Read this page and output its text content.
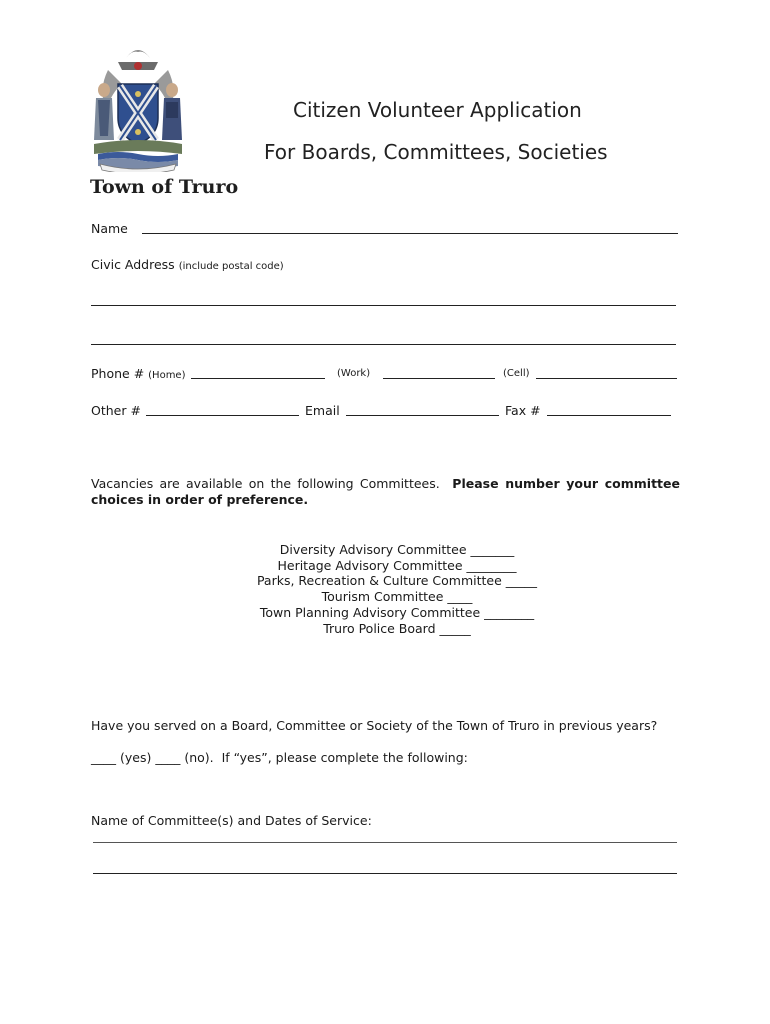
Citizen Volunteer Application
For Boards, Committees, Societies
Town of Truro
Name
Civic Address (include postal code)
Phone # (Home)	(Work)	(Cell)
Other #	Email	Fax #
Vacancies are available on the following Committees. Please number your committee choices in order of preference.
Diversity Advisory Committee _______
Heritage Advisory Committee ________
Parks, Recreation & Culture Committee _____
Tourism Committee ____
Town Planning Advisory Committee ________
Truro Police Board _____
Have you served on a Board, Committee or Society of the Town of Truro in previous years?
____ (yes) ____ (no). If “yes”, please complete the following:
Name of Committee(s) and Dates of Service:
